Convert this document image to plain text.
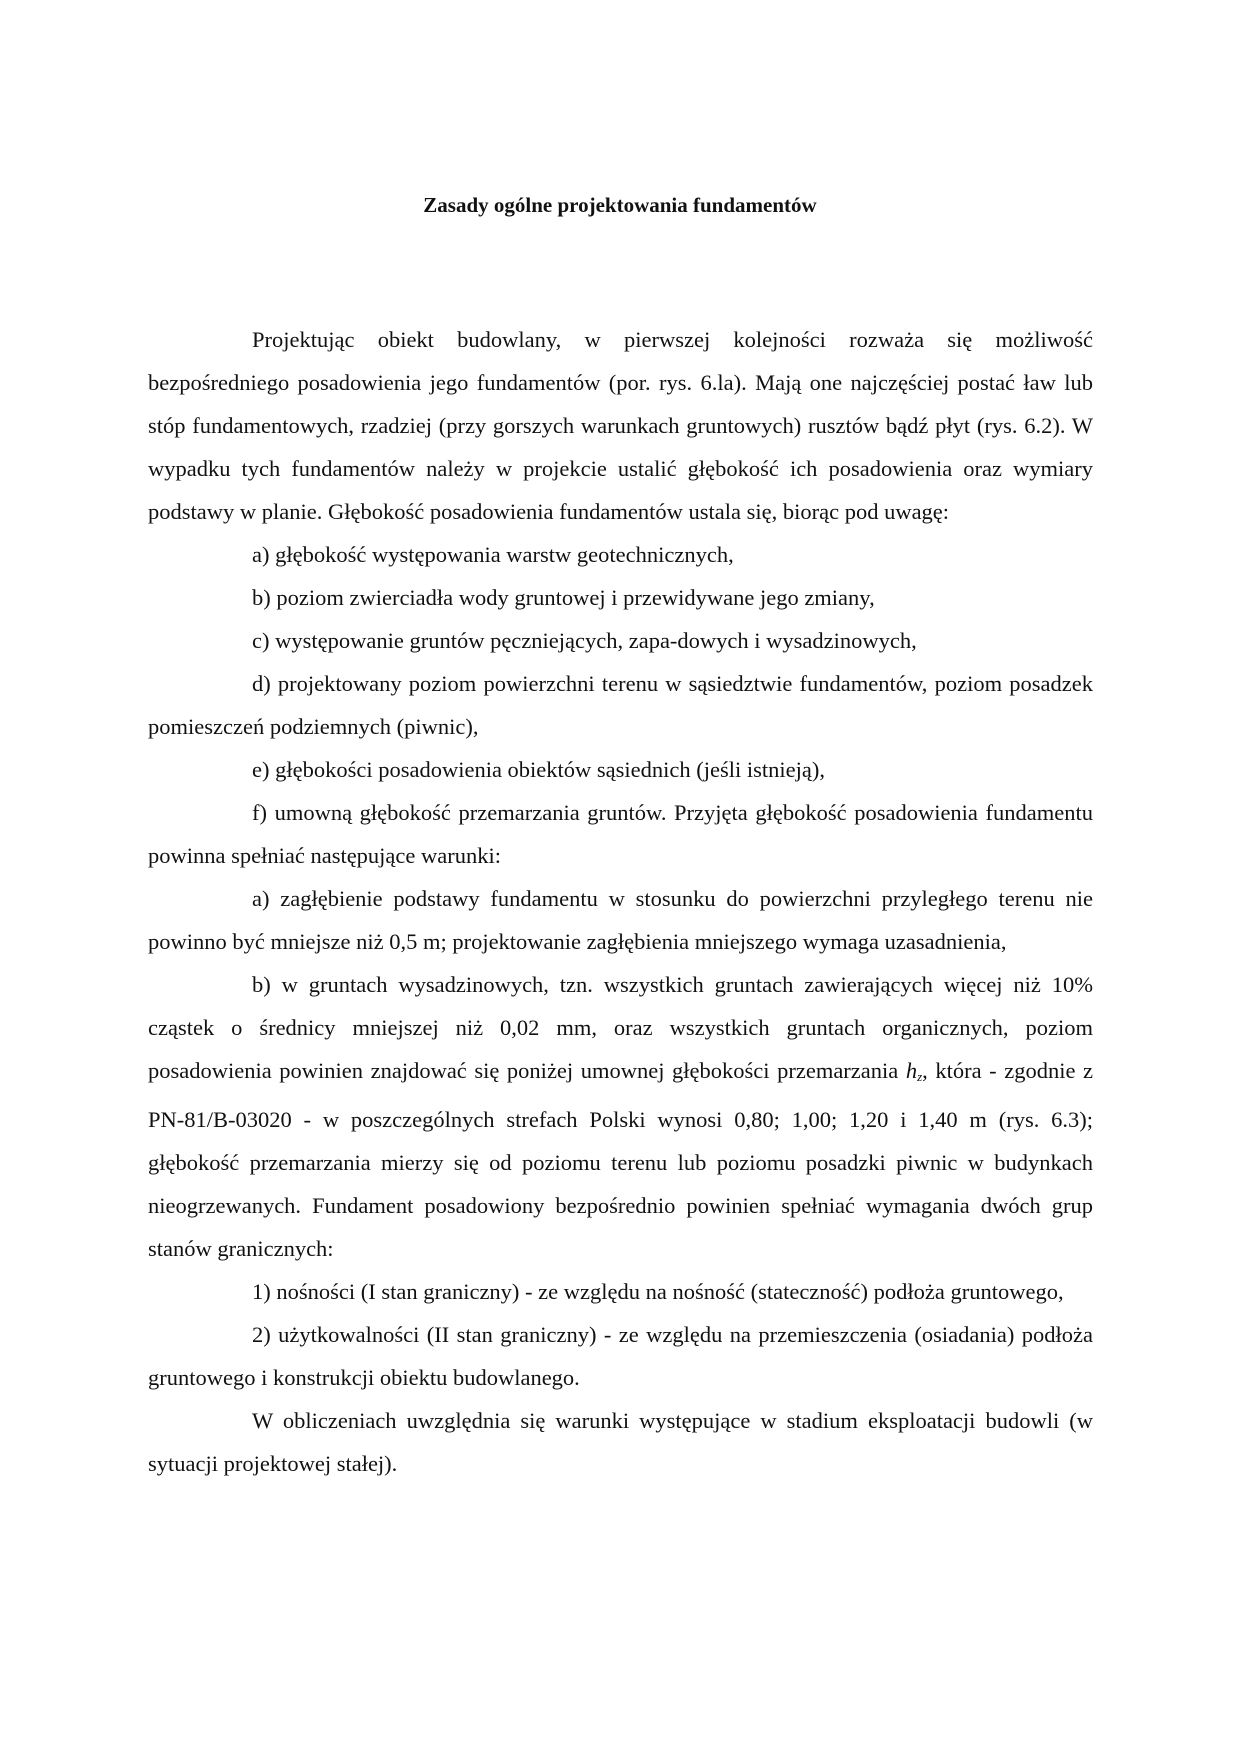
Zasady ogólne projektowania fundamentów

Projektując obiekt budowlany, w pierwszej kolejności rozważa się możliwość bezpośredniego posadowienia jego fundamentów (por. rys. 6.la). Mają one najczęściej postać ław lub stóp fundamentowych, rzadziej (przy gorszych warunkach gruntowych) rusztów bądź płyt (rys. 6.2). W wypadku tych fundamentów należy w projekcie ustalić głębokość ich posadowienia oraz wymiary podstawy w planie. Głębokość posadowienia fundamentów ustala się, biorąc pod uwagę:

a) głębokość występowania warstw geotechnicznych,

b) poziom zwierciadła wody gruntowej i przewidywane jego zmiany,

c) występowanie gruntów pęczniejących, zapa-dowych i wysadzinowych,

d) projektowany poziom powierzchni terenu w sąsiedztwie fundamentów, poziom posadzek pomieszczeń podziemnych (piwnic),

e) głębokości posadowienia obiektów sąsiednich (jeśli istnieją),

f) umowną głębokość przemarzania gruntów. Przyjęta głębokość posadowienia fundamentu powinna spełniać następujące warunki:

a) zagłębienie podstawy fundamentu w stosunku do powierzchni przyległego terenu nie powinno być mniejsze niż 0,5 m; projektowanie zagłębienia mniejszego wymaga uzasadnienia,

b) w gruntach wysadzinowych, tzn. wszystkich gruntach zawierających więcej niż 10% cząstek o średnicy mniejszej niż 0,02 mm, oraz wszystkich gruntach organicznych, poziom posadowienia powinien znajdować się poniżej umownej głębokości przemarzania $h_z$, która - zgodnie z PN-81/B-03020 - w poszczególnych strefach Polski wynosi 0,80; 1,00; 1,20 i 1,40 m (rys. 6.3); głębokość przemarzania mierzy się od poziomu terenu lub poziomu posadzki piwnic w budynkach nieogrzewanych. Fundament posadowiony bezpośrednio powinien spełniać wymagania dwóch grup stanów granicznych:

1) nośności (I stan graniczny) - ze względu na nośność (stateczność) podłoża gruntowego,

2) użytkowalności (II stan graniczny) - ze względu na przemieszczenia (osiadania) podłoża gruntowego i konstrukcji obiektu budowlanego.

W obliczeniach uwzględnia się warunki występujące w stadium eksploatacji budowli (w sytuacji projektowej stałej).
